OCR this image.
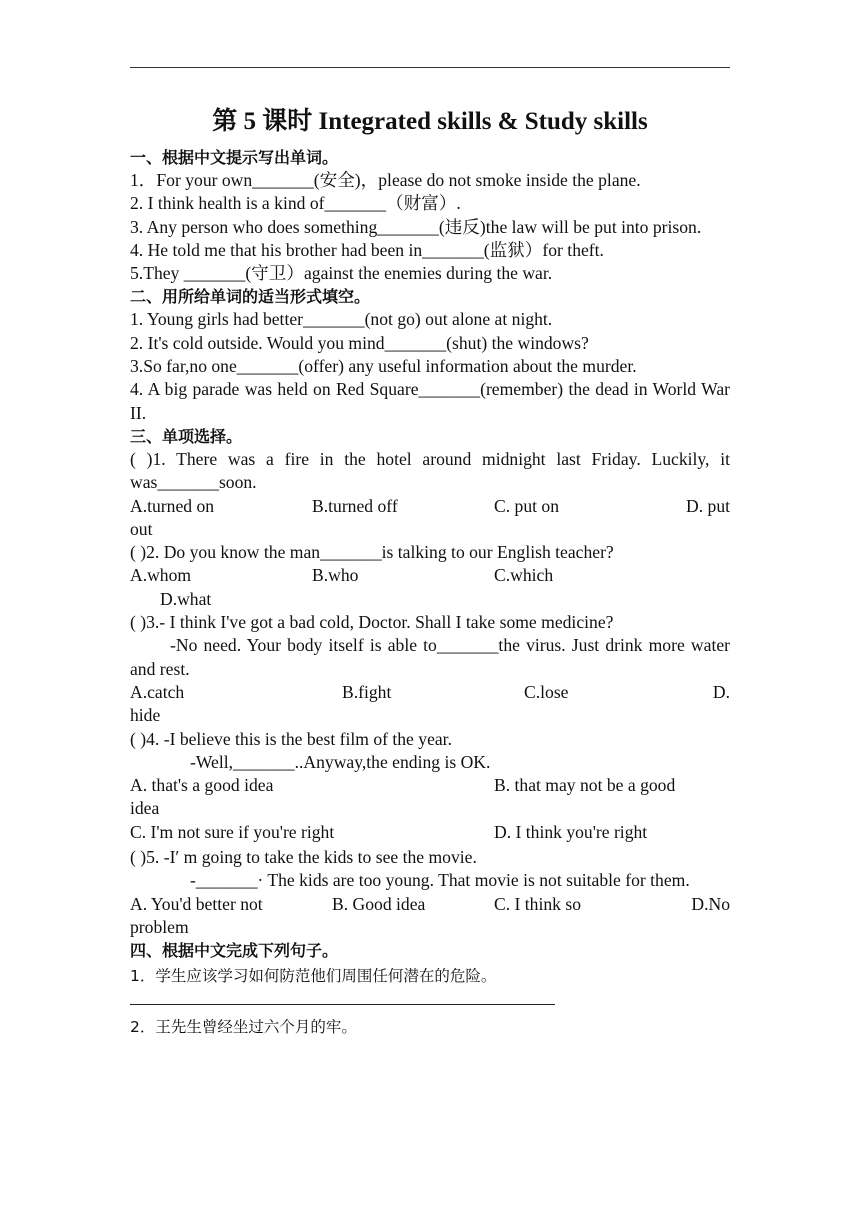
第 5 课时 Integrated skills & Study skills
一、根据中文提示写出单词。
1．For your own_______(安全)，please do not smoke inside the plane.
2. I think health is a kind of_______（财富）.
3. Any person who does something_______(违反)the law will be put into prison.
4. He told me that his brother had been in_______(监狱）for theft.
5.They _______(守卫）against the enemies during the war.
二、用所给单词的适当形式填空。
1. Young girls had better_______(not go) out alone at night.
2. It's cold outside. Would you mind_______(shut) the windows?
3.So far,no one_______(offer) any useful information about the murder.
4. A big parade was held on Red Square_______(remember) the dead in World War II.
三、单项选择。
( )1. There was a fire in the hotel around midnight last Friday. Luckily, it was_______soon.
A.turned on	B.turned off	C. put on	D. put
out
( )2. Do you know the man_______is talking to our English teacher?
A.whom	B.who	C.which
D.what
( )3.- I think I've got a bad cold, Doctor. Shall I take some medicine?
-No need. Your body itself is able to_______the virus. Just drink more water and rest.
A.catch	B.fight	C.lose	D.
hide
( )4. -I believe this is the best film of the year.
-Well,_______..Anyway,the ending is OK.
A. that's a good idea	B. that may not be a good
idea
C. I'm not sure if you're right	D. I think you're right
( )5. -I′ m going to take the kids to see the movie.
-_______· The kids are too young. That movie is not suitable for them.
A. You'd better not	B. Good idea	C. I think so	D.No
problem
四、根据中文完成下列句子。
1．学生应该学习如何防范他们周围任何潜在的危险。
2．王先生曾经坐过六个月的牢。
